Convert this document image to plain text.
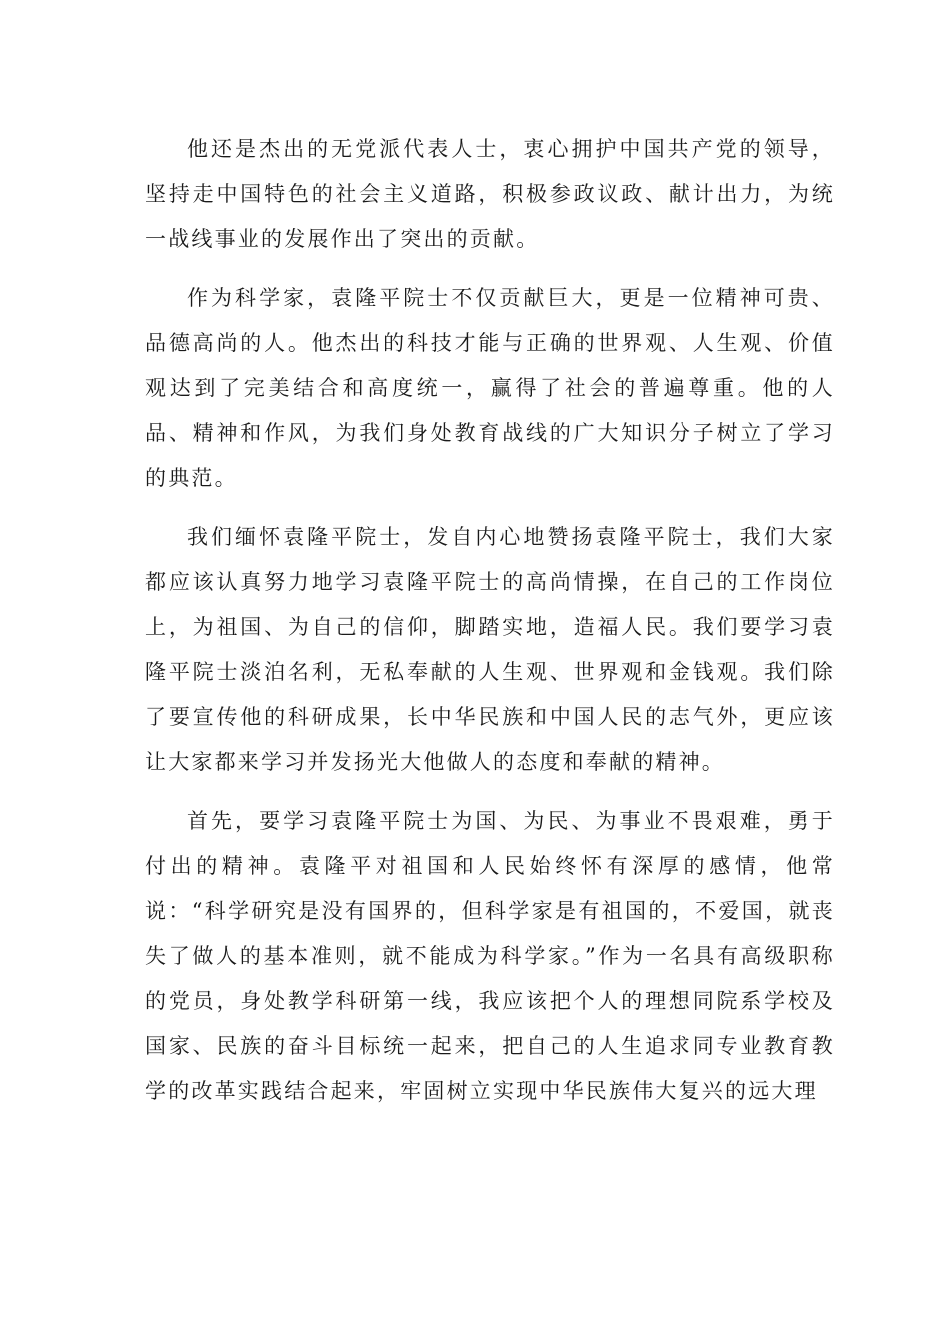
他还是杰出的无党派代表人士，衷心拥护中国共产党的领导，坚持走中国特色的社会主义道路，积极参政议政、献计出力，为统一战线事业的发展作出了突出的贡献。

作为科学家，袁隆平院士不仅贡献巨大，更是一位精神可贵、品德高尚的人。他杰出的科技才能与正确的世界观、人生观、价值观达到了完美结合和高度统一，赢得了社会的普遍尊重。他的人品、精神和作风，为我们身处教育战线的广大知识分子树立了学习的典范。

我们缅怀袁隆平院士，发自内心地赞扬袁隆平院士，我们大家都应该认真努力地学习袁隆平院士的高尚情操，在自己的工作岗位上，为祖国、为自己的信仰，脚踏实地，造福人民。我们要学习袁隆平院士淡泊名利，无私奉献的人生观、世界观和金钱观。我们除了要宣传他的科研成果，长中华民族和中国人民的志气外，更应该让大家都来学习并发扬光大他做人的态度和奉献的精神。

首先，要学习袁隆平院士为国、为民、为事业不畏艰难，勇于付出的精神。袁隆平对祖国和人民始终怀有深厚的感情，他常说：“科学研究是没有国界的，但科学家是有祖国的，不爱国，就丧失了做人的基本准则，就不能成为科学家。”作为一名具有高级职称的党员，身处教学科研第一线，我应该把个人的理想同院系学校及国家、民族的奋斗目标统一起来，把自己的人生追求同专业教育教学的改革实践结合起来，牢固树立实现中华民族伟大复兴的远大理
